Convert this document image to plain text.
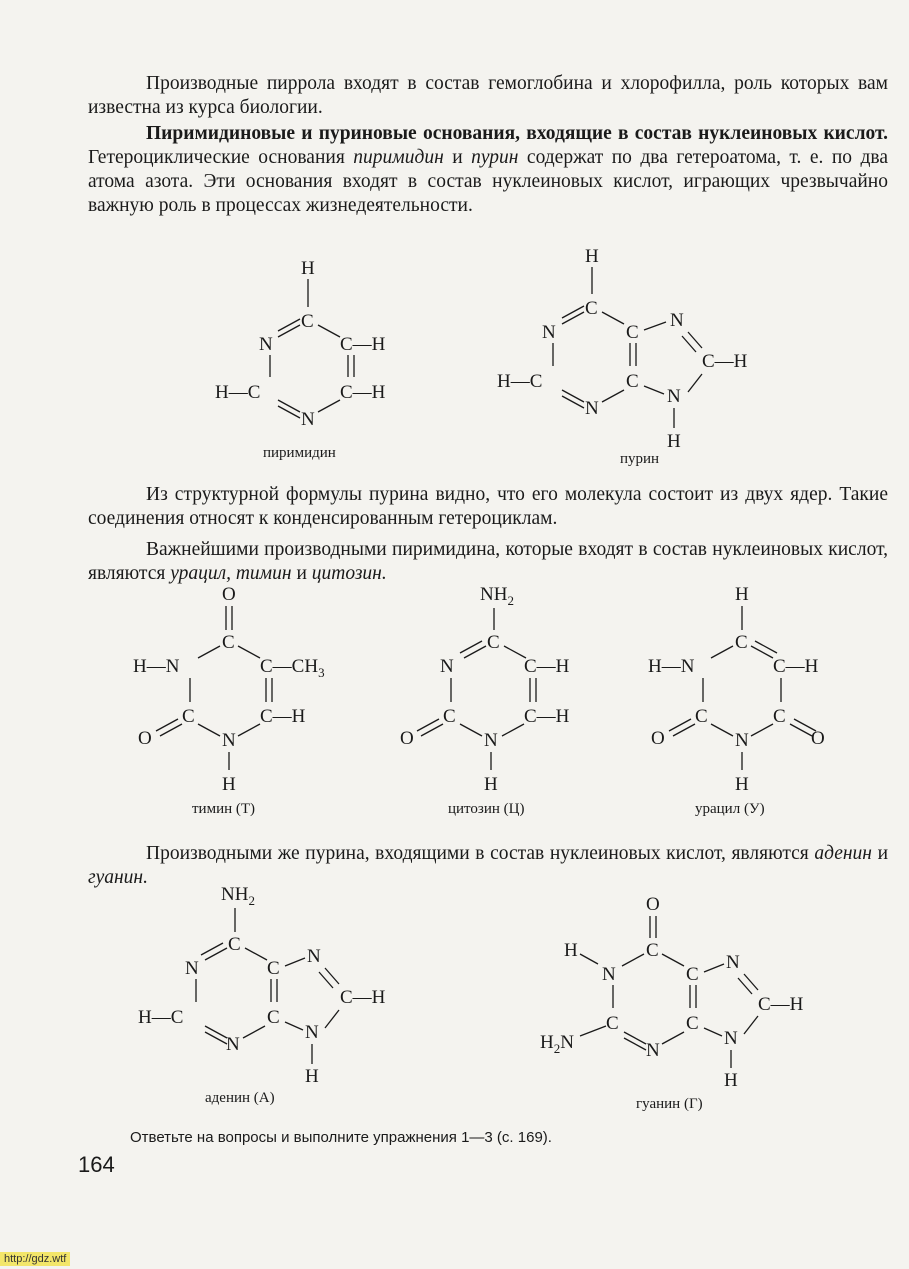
Производные пиррола входят в состав гемоглобина и хлорофилла, роль которых вам известна из курса биологии.
Пиримидиновые и пуриновые основания, входящие в состав нуклеиновых кислот. Гетероциклические основания пиримидин и пурин содержат по два гетероатома, т. е. по два атома азота. Эти основания входят в состав нуклеиновых кислот, играющих чрезвычайно важную роль в процессах жизнедеятельности.
H
C
N	C—H
H—C	C—H
N
пиримидин
H
C
N	C
N
C—H
H—C	C
N
N
H
пурин
Из структурной формулы пурина видно, что его молекула состоит из двух ядер. Такие соединения относят к конденсированным гетероциклам.
Важнейшими производными пиримидина, которые входят в состав нуклеиновых кислот, являются урацил, тимин и цитозин.
O
C
H—N	$C—CH_3$
C	C—H
O	N
H
тимин (Т)
$NH_2$
C
N	C—H
C	C—H
O	N
H
цитозин (Ц)
H
C
H—N	C—H
C	C
O	O
N
H
урацил (У)
Производными же пурина, входящими в состав нуклеиновых кислот, являются аденин и гуанин.
$NH_2$
C
N	C
N
C—H
H—C	C
N
N
H
аденин (А)
O
C
H
N	C
N
C—H
C	C
$H_2N$	N
N
H
гуанин (Г)
Ответьте на вопросы и выполните упражнения 1—3 (с. 169).
164
http://gdz.wtf
